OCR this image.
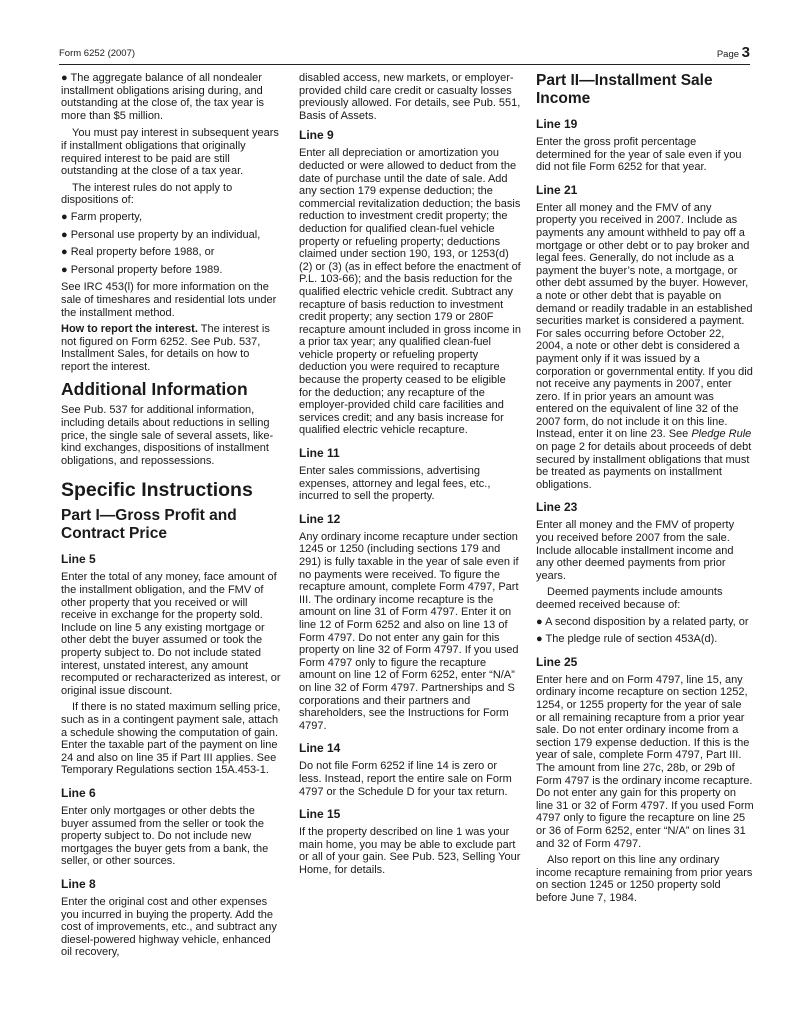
Form 6252 (2007)	Page 3

● The aggregate balance of all nondealer installment obligations arising during, and outstanding at the close of, the tax year is more than $5 million.

You must pay interest in subsequent years if installment obligations that originally required interest to be paid are still outstanding at the close of a tax year.

The interest rules do not apply to dispositions of:

● Farm property,

● Personal use property by an individual,

● Real property before 1988, or

● Personal property before 1989.

See IRC 453(l) for more information on the sale of timeshares and residential lots under the installment method.

How to report the interest. The interest is not figured on Form 6252. See Pub. 537, Installment Sales, for details on how to report the interest.

Additional Information

See Pub. 537 for additional information, including details about reductions in selling price, the single sale of several assets, like-kind exchanges, dispositions of installment obligations, and repossessions.

Specific Instructions
Part I—Gross Profit and Contract Price
Line 5

Enter the total of any money, face amount of the installment obligation, and the FMV of other property that you received or will receive in exchange for the property sold. Include on line 5 any existing mortgage or other debt the buyer assumed or took the property subject to. Do not include stated interest, unstated interest, any amount recomputed or recharacterized as interest, or original issue discount.

If there is no stated maximum selling price, such as in a contingent payment sale, attach a schedule showing the computation of gain. Enter the taxable part of the payment on line 24 and also on line 35 if Part III applies. See Temporary Regulations section 15A.453-1.

Line 6

Enter only mortgages or other debts the buyer assumed from the seller or took the property subject to. Do not include new mortgages the buyer gets from a bank, the seller, or other sources.

Line 8

Enter the original cost and other expenses you incurred in buying the property. Add the cost of improvements, etc., and subtract any diesel-powered highway vehicle, enhanced oil recovery,

disabled access, new markets, or employer-provided child care credit or casualty losses previously allowed. For details, see Pub. 551, Basis of Assets.

Line 9

Enter all depreciation or amortization you deducted or were allowed to deduct from the date of purchase until the date of sale. Add any section 179 expense deduction; the commercial revitalization deduction; the basis reduction to investment credit property; the deduction for qualified clean-fuel vehicle property or refueling property; deductions claimed under section 190, 193, or 1253(d)(2) or (3) (as in effect before the enactment of P.L. 103-66); and the basis reduction for the qualified electric vehicle credit. Subtract any recapture of basis reduction to investment credit property; any section 179 or 280F recapture amount included in gross income in a prior tax year; any qualified clean-fuel vehicle property or refueling property deduction you were required to recapture because the property ceased to be eligible for the deduction; any recapture of the employer-provided child care facilities and services credit; and any basis increase for qualified electric vehicle recapture.

Line 11

Enter sales commissions, advertising expenses, attorney and legal fees, etc., incurred to sell the property.

Line 12

Any ordinary income recapture under section 1245 or 1250 (including sections 179 and 291) is fully taxable in the year of sale even if no payments were received. To figure the recapture amount, complete Form 4797, Part III. The ordinary income recapture is the amount on line 31 of Form 4797. Enter it on line 12 of Form 6252 and also on line 13 of Form 4797. Do not enter any gain for this property on line 32 of Form 4797. If you used Form 4797 only to figure the recapture amount on line 12 of Form 6252, enter “N/A” on line 32 of Form 4797. Partnerships and S corporations and their partners and shareholders, see the Instructions for Form 4797.

Line 14

Do not file Form 6252 if line 14 is zero or less. Instead, report the entire sale on Form 4797 or the Schedule D for your tax return.

Line 15

If the property described on line 1 was your main home, you may be able to exclude part or all of your gain. See Pub. 523, Selling Your Home, for details.

Part II—Installment Sale Income
Line 19

Enter the gross profit percentage determined for the year of sale even if you did not file Form 6252 for that year.

Line 21

Enter all money and the FMV of any property you received in 2007. Include as payments any amount withheld to pay off a mortgage or other debt or to pay broker and legal fees. Generally, do not include as a payment the buyer’s note, a mortgage, or other debt assumed by the buyer. However, a note or other debt that is payable on demand or readily tradable in an established securities market is considered a payment. For sales occurring before October 22, 2004, a note or other debt is considered a payment only if it was issued by a corporation or governmental entity. If you did not receive any payments in 2007, enter zero. If in prior years an amount was entered on the equivalent of line 32 of the 2007 form, do not include it on this line. Instead, enter it on line 23. See Pledge Rule on page 2 for details about proceeds of debt secured by installment obligations that must be treated as payments on installment obligations.

Line 23

Enter all money and the FMV of property you received before 2007 from the sale. Include allocable installment income and any other deemed payments from prior years.

Deemed payments include amounts deemed received because of:

● A second disposition by a related party, or

● The pledge rule of section 453A(d).

Line 25

Enter here and on Form 4797, line 15, any ordinary income recapture on section 1252, 1254, or 1255 property for the year of sale or all remaining recapture from a prior year sale. Do not enter ordinary income from a section 179 expense deduction. If this is the year of sale, complete Form 4797, Part III. The amount from line 27c, 28b, or 29b of Form 4797 is the ordinary income recapture. Do not enter any gain for this property on line 31 or 32 of Form 4797. If you used Form 4797 only to figure the recapture on line 25 or 36 of Form 6252, enter “N/A” on lines 31 and 32 of Form 4797.

Also report on this line any ordinary income recapture remaining from prior years on section 1245 or 1250 property sold before June 7, 1984.
